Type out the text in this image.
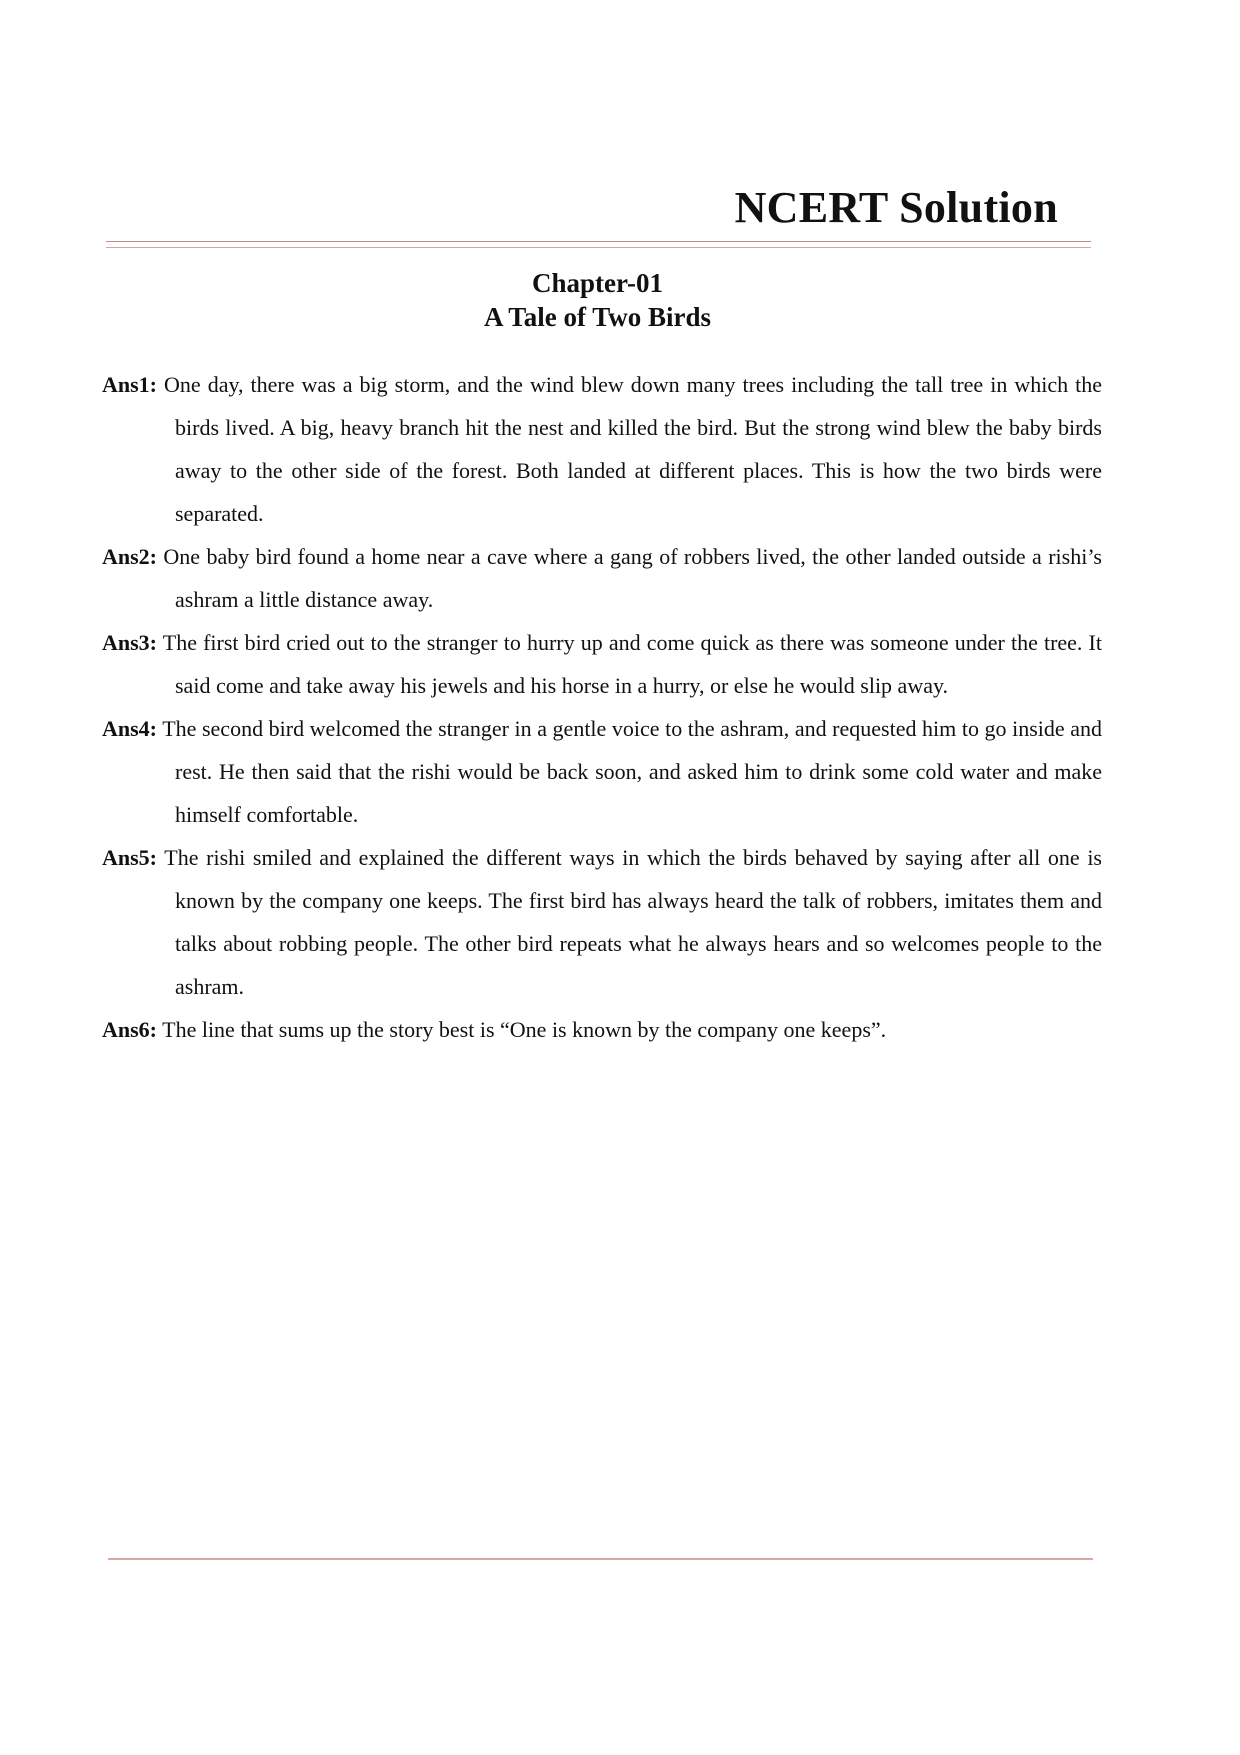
NCERT Solution
Chapter-01
A Tale of Two Birds

Ans1: One day, there was a big storm, and the wind blew down many trees including the tall tree in which the birds lived. A big, heavy branch hit the nest and killed the bird. But the strong wind blew the baby birds away to the other side of the forest. Both landed at different places. This is how the two birds were separated.

Ans2: One baby bird found a home near a cave where a gang of robbers lived, the other landed outside a rishi’s ashram a little distance away.

Ans3: The first bird cried out to the stranger to hurry up and come quick as there was someone under the tree. It said come and take away his jewels and his horse in a hurry, or else he would slip away.

Ans4: The second bird welcomed the stranger in a gentle voice to the ashram, and requested him to go inside and rest. He then said that the rishi would be back soon, and asked him to drink some cold water and make himself comfortable.

Ans5: The rishi smiled and explained the different ways in which the birds behaved by saying after all one is known by the company one keeps. The first bird has always heard the talk of robbers, imitates them and talks about robbing people. The other bird repeats what he always hears and so welcomes people to the ashram.

Ans6: The line that sums up the story best is “One is known by the company one keeps”.
